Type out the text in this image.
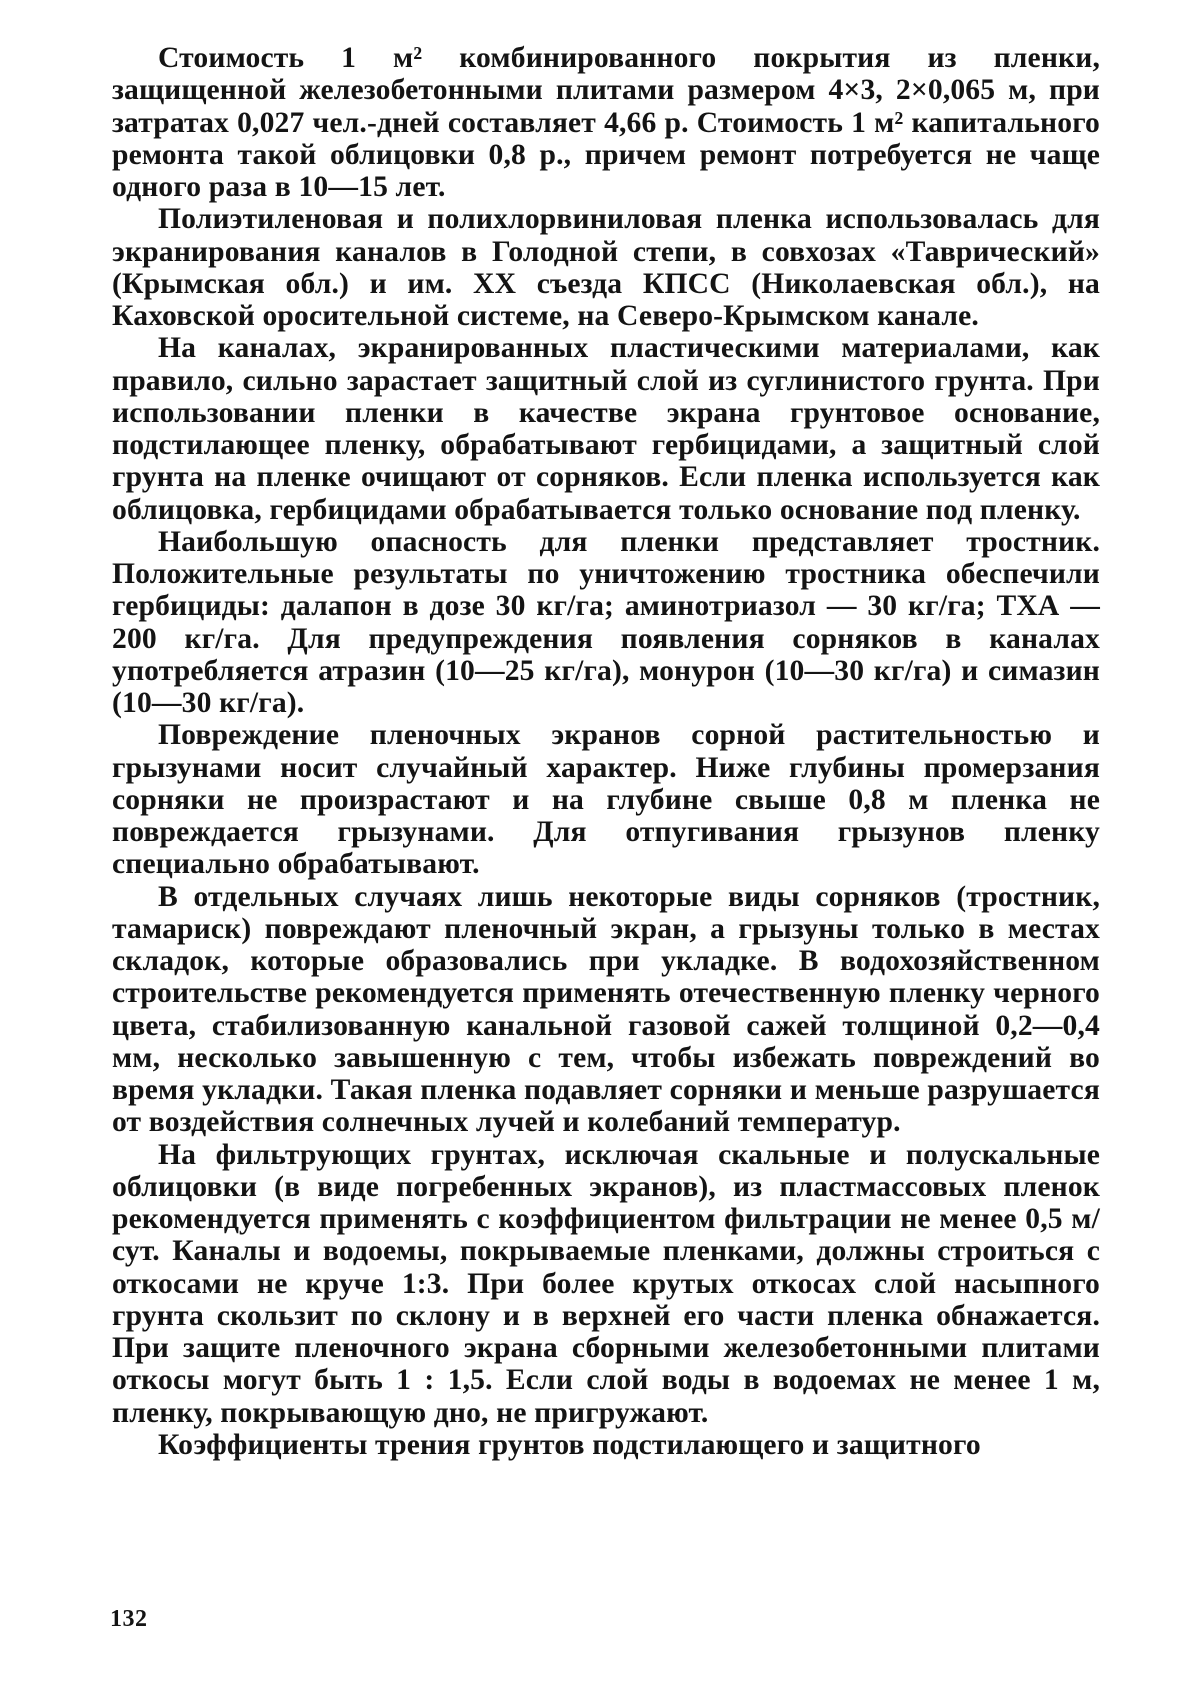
Стоимость 1 м² комбинированного покрытия из пленки, защищенной железобетонными плитами размером 4×3, 2×0,065 м, при затратах 0,027 чел.-дней составляет 4,66 р. Стоимость 1 м² капитального ремонта такой облицовки 0,8 р., причем ремонт потребуется не чаще одного раза в 10—15 лет.

Полиэтиленовая и полихлорвиниловая пленка использовалась для экранирования каналов в Голодной степи, в совхозах «Таврический» (Крымская обл.) и им. XX съезда КПСС (Николаевская обл.), на Каховской оросительной системе, на Северо-Крымском канале.

На каналах, экранированных пластическими материалами, как правило, сильно зарастает защитный слой из суглинистого грунта. При использовании пленки в качестве экрана грунтовое основание, подстилающее пленку, обрабатывают гербицидами, а защитный слой грунта на пленке очищают от сорняков. Если пленка используется как облицовка, гербицидами обрабатывается только основание под пленку.

Наибольшую опасность для пленки представляет тростник. Положительные результаты по уничтожению тростника обеспечили гербициды: далапон в дозе 30 кг/га; аминотриазол — 30 кг/га; ТХА — 200 кг/га. Для предупреждения появления сорняков в каналах употребляется атразин (10—25 кг/га), монурон (10—30 кг/га) и симазин (10—30 кг/га).

Повреждение пленочных экранов сорной растительностью и грызунами носит случайный характер. Ниже глубины промерзания сорняки не произрастают и на глубине свыше 0,8 м пленка не повреждается грызунами. Для отпугивания грызунов пленку специально обрабатывают.

В отдельных случаях лишь некоторые виды сорняков (тростник, тамариск) повреждают пленочный экран, а грызуны только в местах складок, которые образовались при укладке. В водохозяйственном строительстве рекомендуется применять отечественную пленку черного цвета, стабилизованную канальной газовой сажей толщиной 0,2—0,4 мм, несколько завышенную с тем, чтобы избежать повреждений во время укладки. Такая пленка подавляет сорняки и меньше разрушается от воздействия солнечных лучей и колебаний температур.

На фильтрующих грунтах, исключая скальные и полускальные облицовки (в виде погребенных экранов), из пластмассовых пленок рекомендуется применять с коэффициентом фильтрации не менее 0,5 м/сут. Каналы и водоемы, покрываемые пленками, должны строиться с откосами не круче 1:3. При более крутых откосах слой насыпного грунта скользит по склону и в верхней его части пленка обнажается. При защите пленочного экрана сборными железобетонными плитами откосы могут быть 1 : 1,5. Если слой воды в водоемах не менее 1 м, пленку, покрывающую дно, не пригружают.

Коэффициенты трения грунтов подстилающего и защитного

132
